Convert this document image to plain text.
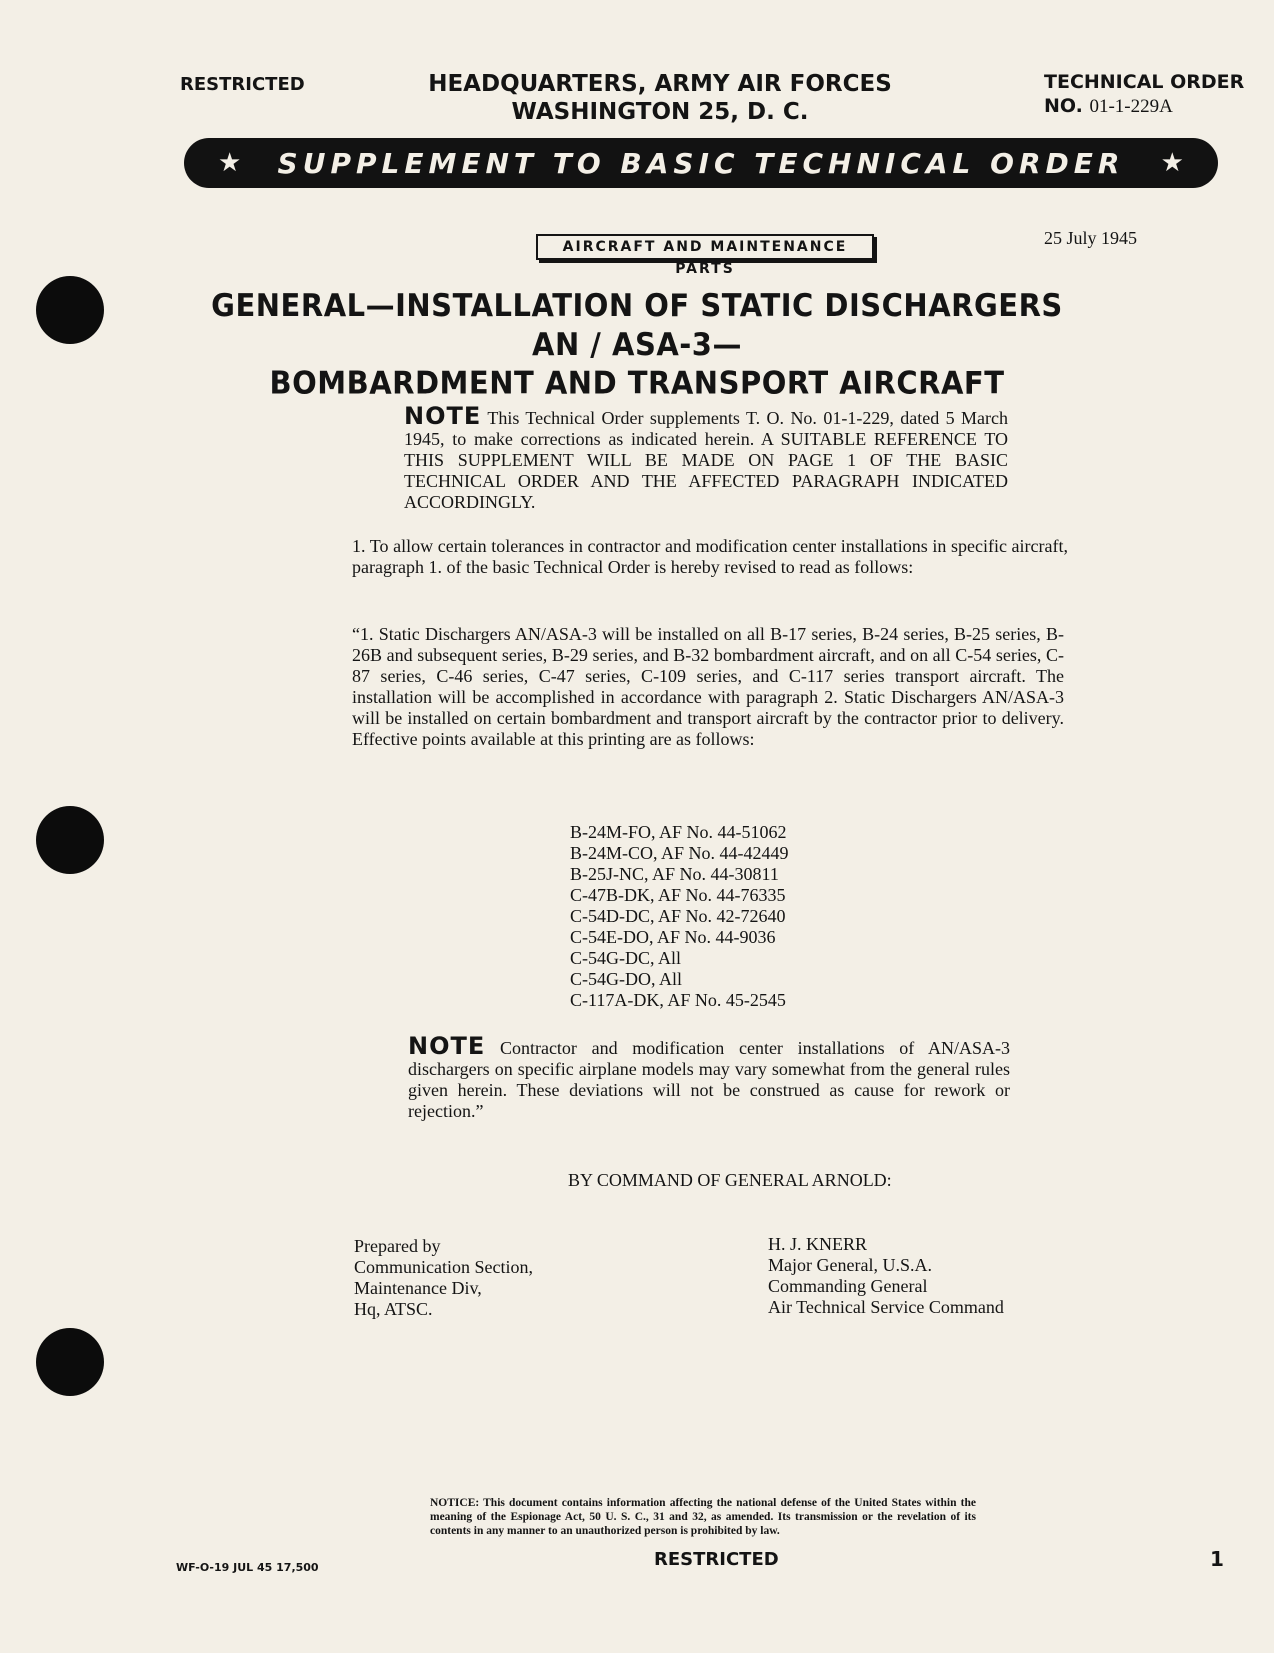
RESTRICTED	HEADQUARTERS, ARMY AIR FORCES
WASHINGTON 25, D. C.
TECHNICAL ORDER
NO. 01-1-229A
★ SUPPLEMENT TO BASIC TECHNICAL ORDER ★
AIRCRAFT AND MAINTENANCE PARTS
25 July 1945
GENERAL—INSTALLATION OF STATIC DISCHARGERS AN / ASA-3—
BOMBARDMENT AND TRANSPORT AIRCRAFT
NOTE This Technical Order supplements T. O. No. 01-1-229, dated 5 March 1945, to make corrections as indicated herein. A SUITABLE REFERENCE TO THIS SUPPLEMENT WILL BE MADE ON PAGE 1 OF THE BASIC TECHNICAL ORDER AND THE AFFECTED PARAGRAPH INDICATED ACCORDINGLY.
1. To allow certain tolerances in contractor and modification center installations in specific aircraft, paragraph 1. of the basic Technical Order is hereby revised to read as follows:
“1. Static Dischargers AN/ASA-3 will be installed on all B-17 series, B-24 series, B-25 series, B-26B and subsequent series, B-29 series, and B-32 bombardment aircraft, and on all C-54 series, C-87 series, C-46 series, C-47 series, C-109 series, and C-117 series transport aircraft. The installation will be accomplished in accordance with paragraph 2. Static Dischargers AN/ASA-3 will be installed on certain bombardment and transport aircraft by the contractor prior to delivery. Effective points available at this printing are as follows:
B-24M-FO, AF No. 44-51062
B-24M-CO, AF No. 44-42449
B-25J-NC, AF No. 44-30811
C-47B-DK, AF No. 44-76335
C-54D-DC, AF No. 42-72640
C-54E-DO, AF No. 44-9036
C-54G-DC, All
C-54G-DO, All
C-117A-DK, AF No. 45-2545
NOTE Contractor and modification center installations of AN/ASA-3 dischargers on specific airplane models may vary somewhat from the general rules given herein. These deviations will not be construed as cause for rework or rejection.”
BY COMMAND OF GENERAL ARNOLD:
Prepared by
Communication Section,
Maintenance Div,
Hq, ATSC.
H. J. KNERR
Major General, U.S.A.
Commanding General
Air Technical Service Command
NOTICE: This document contains information affecting the national defense of the United States within the meaning of the Espionage Act, 50 U. S. C., 31 and 32, as amended. Its transmission or the revelation of its contents in any manner to an unauthorized person is prohibited by law.
WF-O-19 JUL 45 17,500	RESTRICTED	1
